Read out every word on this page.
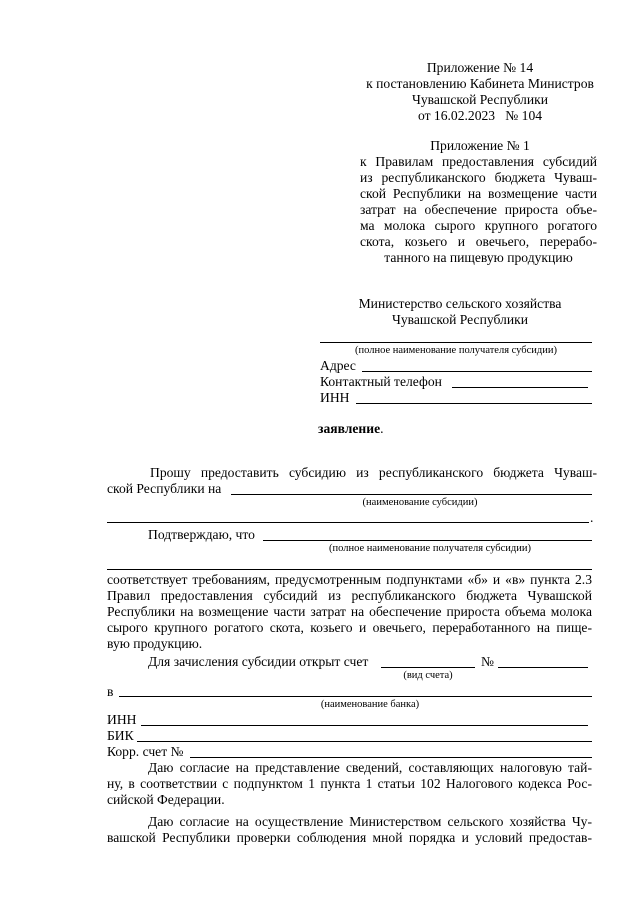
Приложение № 14
к постановлению Кабинета Министров
Чувашской Республики
от 16.02.2023   № 104
Приложение № 1
к Правилам предоставления субсидий
из республиканского бюджета Чуваш-
ской Республики на возмещение части
затрат на обеспечение прироста объе-
ма молока сырого крупного рогатого
скота,  козьего  и  овечьего,  перерабо-
танного на пищевую продукцию
Министерство сельского хозяйства
Чувашской Республики
(полное наименование получателя субсидии)
Адрес
Контактный телефон
ИНН
заявление.
Прошу предоставить субсидию из республиканского бюджета Чуваш-
ской Республики на
(наименование субсидии)
.
Подтверждаю, что
(полное наименование получателя субсидии)
соответствует требованиям, предусмотренным подпунктами «б» и «в» пункта 2.3
Правил предоставления субсидий из республиканского бюджета Чувашской
Республики на возмещение части затрат на обеспечение прироста объема молока
сырого крупного рогатого скота, козьего и овечьего, переработанного на пище-
вую продукцию.
Для зачисления субсидии открыт счет	№
(вид счета)
в
(наименование банка)
ИНН
БИК
Корр. счет №
Даю согласие на представление сведений, составляющих налоговую тай-
ну, в соответствии с подпунктом 1 пункта 1 статьи 102 Налогового кодекса Рос-
сийской Федерации.
Даю согласие на осуществление Министерством сельского хозяйства Чу-
вашской Республики проверки соблюдения мной порядка и условий предостав-
